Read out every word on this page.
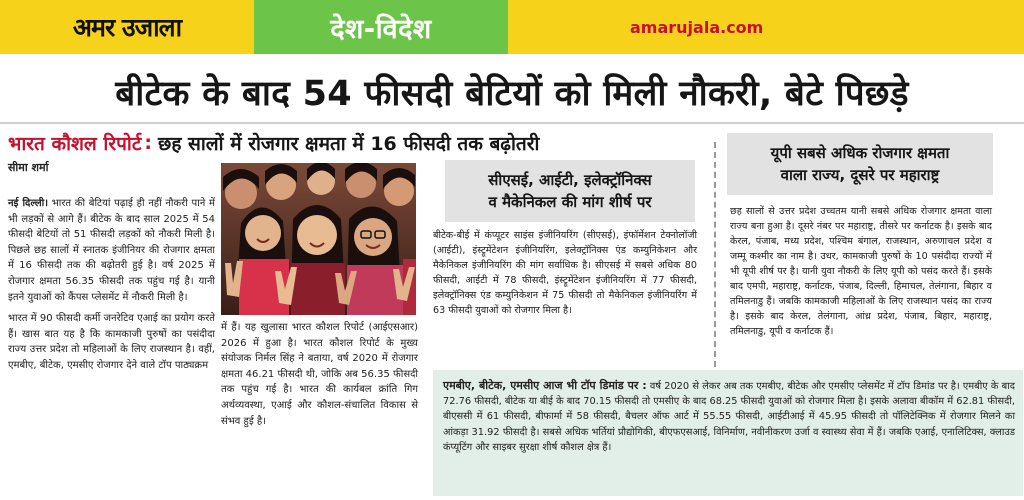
अमर उजाला	देश-विदेश	amarujala.com
बीटेक के बाद 54 फीसदी बेटियों को मिली नौकरी, बेटे पिछड़े
भारत कौशल रिपोर्ट : छह सालों में रोजगार क्षमता में 16 फीसदी तक बढ़ोतरी
सीमा शर्मा

नई दिल्ली। भारत की बेटियां पढ़ाई ही नहीं नौकरी पाने में भी लड़कों से आगे हैं। बीटेक के बाद साल 2025 में 54 फीसदी बेटियों तो 51 फीसदी लड़कों को नौकरी मिली है। पिछले छह सालों में स्नातक इंजीनियर की रोजगार क्षमता में 16 फीसदी तक की बढ़ोतरी हुई है। वर्ष 2025 में रोजगार क्षमता 56.35 फीसदी तक पहुंच गई है। यानी इतने युवाओं को कैंपस प्लेसमेंट में नौकरी मिली है।

भारत में 90 फीसदी कर्मी जनरेटिव एआई का प्रयोग करते हैं। खास बात यह है कि कामकाजी पुरुषों का पसंदीदा राज्य उत्तर प्रदेश तो महिलाओं के लिए राजस्थान है। वहीं, एमबीए, बीटेक, एमसीए रोजगार देने वाले टॉप पाठ्यक्रम

में हैं। यह खुलासा भारत कौशल रिपोर्ट (आईएसआर) 2026 में हुआ है। भारत कौशल रिपोर्ट के मुख्य संयोजक निर्मल सिंह ने बताया, वर्ष 2020 में रोजगार क्षमता 46.21 फीसदी थी, जोकि अब 56.35 फीसदी तक पहुंच गई है। भारत की कार्यबल क्रांति गिग अर्थव्यवस्था, एआई और कौशल-संचालित विकास से संभव हुई है।

सीएसई, आईटी, इलेक्ट्रॉनिक्स
व मैकेनिकल की मांग शीर्ष पर

बीटेक-बीई में कंप्यूटर साइंस इंजीनियरिंग (सीएसई), इंफॉर्मेशन टेक्नोलॉजी (आईटी), इंस्ट्रूमेंटेशन इंजीनियरिंग, इलेक्ट्रॉनिक्स एंड कम्युनिकेशन और मैकेनिकल इंजीनियरिंग की मांग सर्वाधिक है। सीएसई में सबसे अधिक 80 फीसदी, आईटी में 78 फीसदी, इंस्ट्रूमेंटेशन इंजीनियरिंग में 77 फीसदी, इलेक्ट्रॉनिक्स एंड कम्युनिकेशन में 75 फीसदी तो मैकेनिकल इंजीनियरिंग में 63 फीसदी युवाओं को रोजगार मिला है।

यूपी सबसे अधिक रोजगार क्षमता
वाला राज्य, दूसरे पर महाराष्ट्र

छह सालों से उत्तर प्रदेश उच्चतम यानी सबसे अधिक रोजगार क्षमता वाला राज्य बना हुआ है। दूसरे नंबर पर महाराष्ट्र, तीसरे पर कर्नाटक है। इसके बाद केरल, पंजाब, मध्य प्रदेश, पश्चिम बंगाल, राजस्थान, अरुणाचल प्रदेश व जम्मू कश्मीर का नाम है। उधर, कामकाजी पुरुषों के 10 पसंदीदा राज्यों में भी यूपी शीर्ष पर है। यानी युवा नौकरी के लिए यूपी को पसंद करते हैं। इसके बाद एमपी, महाराष्ट्र, कर्नाटक, पंजाब, दिल्ली, हिमाचल, तेलंगाना, बिहार व तमिलनाडु हैं। जबकि कामकाजी महिलाओं के लिए राजस्थान पसंद का राज्य है। इसके बाद केरल, तेलंगाना, आंध्र प्रदेश, पंजाब, बिहार, महाराष्ट्र, तमिलनाडु, यूपी व कर्नाटक हैं।

एमबीए, बीटेक, एमसीए आज भी टॉप डिमांड पर : वर्ष 2020 से लेकर अब तक एमबीए, बीटेक और एमसीए प्लेसमेंट में टॉप डिमांड पर है। एमबीए के बाद 72.76 फीसदी, बीटेक या बीई के बाद 70.15 फीसदी तो एमसीए के बाद 68.25 फीसदी युवाओं को रोजगार मिला है। इसके अलावा बीकॉम में 62.81 फीसदी, बीएससी में 61 फीसदी, बीफार्मा में 58 फीसदी, बैचलर ऑफ आर्ट में 55.55 फीसदी, आईटीआई में 45.95 फीसदी तो पॉलिटेक्निक में रोजगार मिलने का आंकड़ा 31.92 फीसदी है। सबसे अधिक भर्तियां प्रौद्योगिकी, बीएफएसआई, विनिर्माण, नवीनीकरण उर्जा व स्वास्थ्य सेवा में हैं। जबकि एआई, एनालिटिक्स, क्लाउड कंप्यूटिंग और साइबर सुरक्षा शीर्ष कौशल क्षेत्र हैं।
